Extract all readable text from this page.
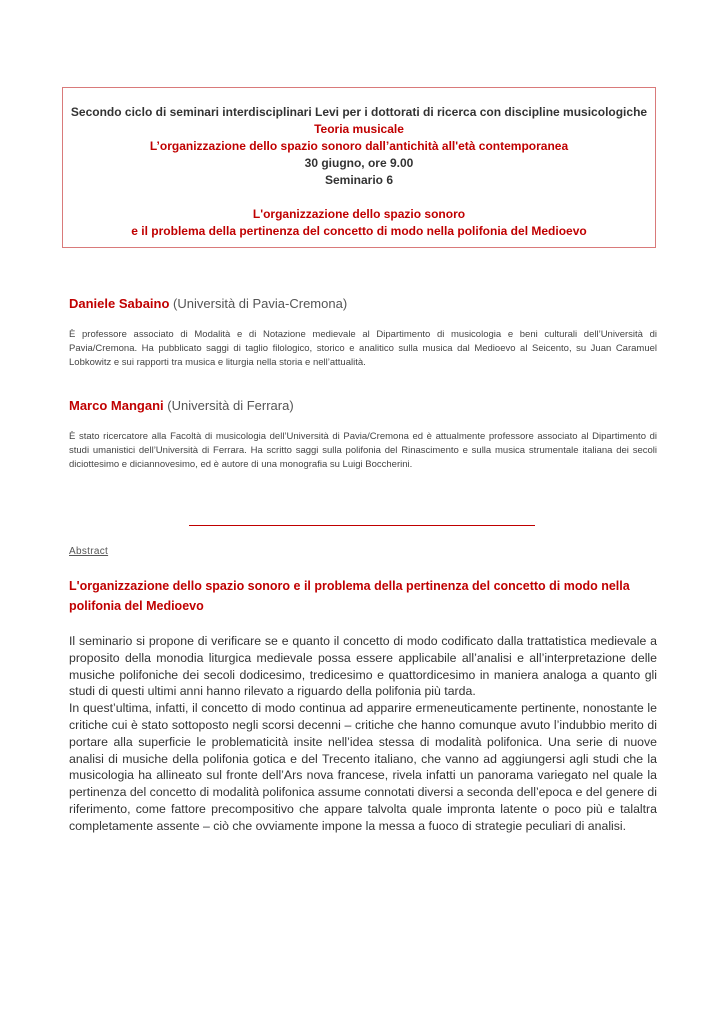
Secondo ciclo di seminari interdisciplinari Levi per i dottorati di ricerca con discipline musicologiche
Teoria musicale
L’organizzazione dello spazio sonoro dall’antichità all'età contemporanea
30 giugno, ore 9.00
Seminario 6
L'organizzazione dello spazio sonoro
e il problema della pertinenza del concetto di modo nella polifonia del Medioevo
Daniele Sabaino (Università di Pavia-Cremona)
È professore associato di Modalità e di Notazione medievale al Dipartimento di musicologia e beni culturali dell’Università di Pavia/Cremona. Ha pubblicato saggi di taglio filologico, storico e analitico sulla musica dal Medioevo al Seicento, su Juan Caramuel Lobkowitz e sui rapporti tra musica e liturgia nella storia e nell’attualità.
Marco Mangani (Università di Ferrara)
È stato ricercatore alla Facoltà di musicologia dell’Università di Pavia/Cremona ed è attualmente professore associato al Dipartimento di studi umanistici dell’Università di Ferrara. Ha scritto saggi sulla polifonia del Rinascimento e sulla musica strumentale italiana dei secoli diciottesimo e diciannovesimo, ed è autore di una monografia su Luigi Boccherini.
Abstract
L'organizzazione dello spazio sonoro e il problema della pertinenza del concetto di modo nella polifonia del Medioevo

Il seminario si propone di verificare se e quanto il concetto di modo codificato dalla trattatistica medievale a proposito della monodia liturgica medievale possa essere applicabile all’analisi e all’interpretazione delle musiche polifoniche dei secoli dodicesimo, tredicesimo e quattordicesimo in maniera analoga a quanto gli studi di questi ultimi anni hanno rilevato a riguardo della polifonia più tarda.

In quest’ultima, infatti, il concetto di modo continua ad apparire ermeneuticamente pertinente, nonostante le critiche cui è stato sottoposto negli scorsi decenni – critiche che hanno comunque avuto l’indubbio merito di portare alla superficie le problematicità insite nell’idea stessa di modalità polifonica. Una serie di nuove analisi di musiche della polifonia gotica e del Trecento italiano, che vanno ad aggiungersi agli studi che la musicologia ha allineato sul fronte dell’Ars nova francese, rivela infatti un panorama variegato nel quale la pertinenza del concetto di modalità polifonica assume connotati diversi a seconda dell’epoca e del genere di riferimento, come fattore precompositivo che appare talvolta quale impronta latente o poco più e talaltra completamente assente – ciò che ovviamente impone la messa a fuoco di strategie peculiari di analisi.
